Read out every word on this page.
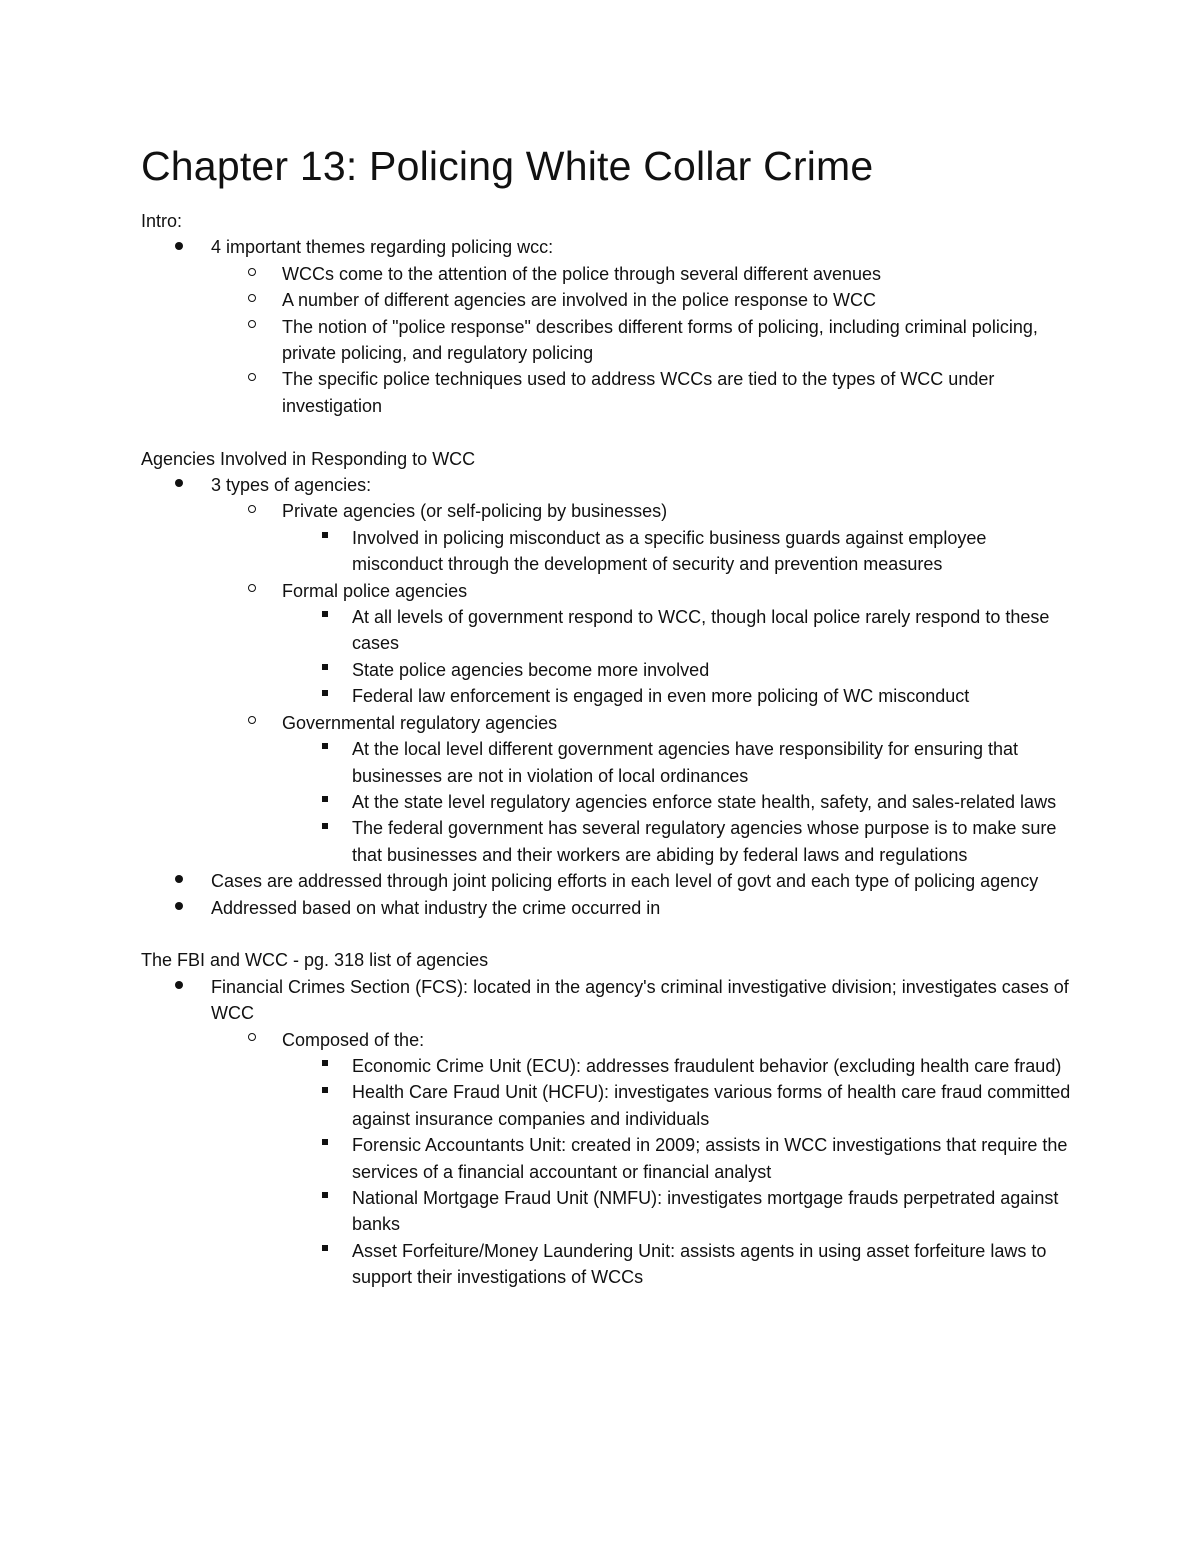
Chapter 13: Policing White Collar Crime
Intro:
4 important themes regarding policing wcc:
WCCs come to the attention of the police through several different avenues
A number of different agencies are involved in the police response to WCC
The notion of "police response" describes different forms of policing, including criminal policing, private policing, and regulatory policing
The specific police techniques used to address WCCs are tied to the types of WCC under investigation
Agencies Involved in Responding to WCC
3 types of agencies:
Private agencies (or self-policing by businesses)
Involved in policing misconduct as a specific business guards against employee misconduct through the development of security and prevention measures
Formal police agencies
At all levels of government respond to WCC, though local police rarely respond to these cases
State police agencies become more involved
Federal law enforcement is engaged in even more policing of WC misconduct
Governmental regulatory agencies
At the local level different government agencies have responsibility for ensuring that businesses are not in violation of local ordinances
At the state level regulatory agencies enforce state health, safety, and sales-related laws
The federal government has several regulatory agencies whose purpose is to make sure that businesses and their workers are abiding by federal laws and regulations
Cases are addressed through joint policing efforts in each level of govt and each type of policing agency
Addressed based on what industry the crime occurred in
The FBI and WCC - pg. 318 list of agencies
Financial Crimes Section (FCS): located in the agency's criminal investigative division; investigates cases of WCC
Composed of the:
Economic Crime Unit (ECU): addresses fraudulent behavior (excluding health care fraud)
Health Care Fraud Unit (HCFU): investigates various forms of health care fraud committed against insurance companies and individuals
Forensic Accountants Unit: created in 2009; assists in WCC investigations that require the services of a financial accountant or financial analyst
National Mortgage Fraud Unit (NMFU): investigates mortgage frauds perpetrated against banks
Asset Forfeiture/Money Laundering Unit: assists agents in using asset forfeiture laws to support their investigations of WCCs
